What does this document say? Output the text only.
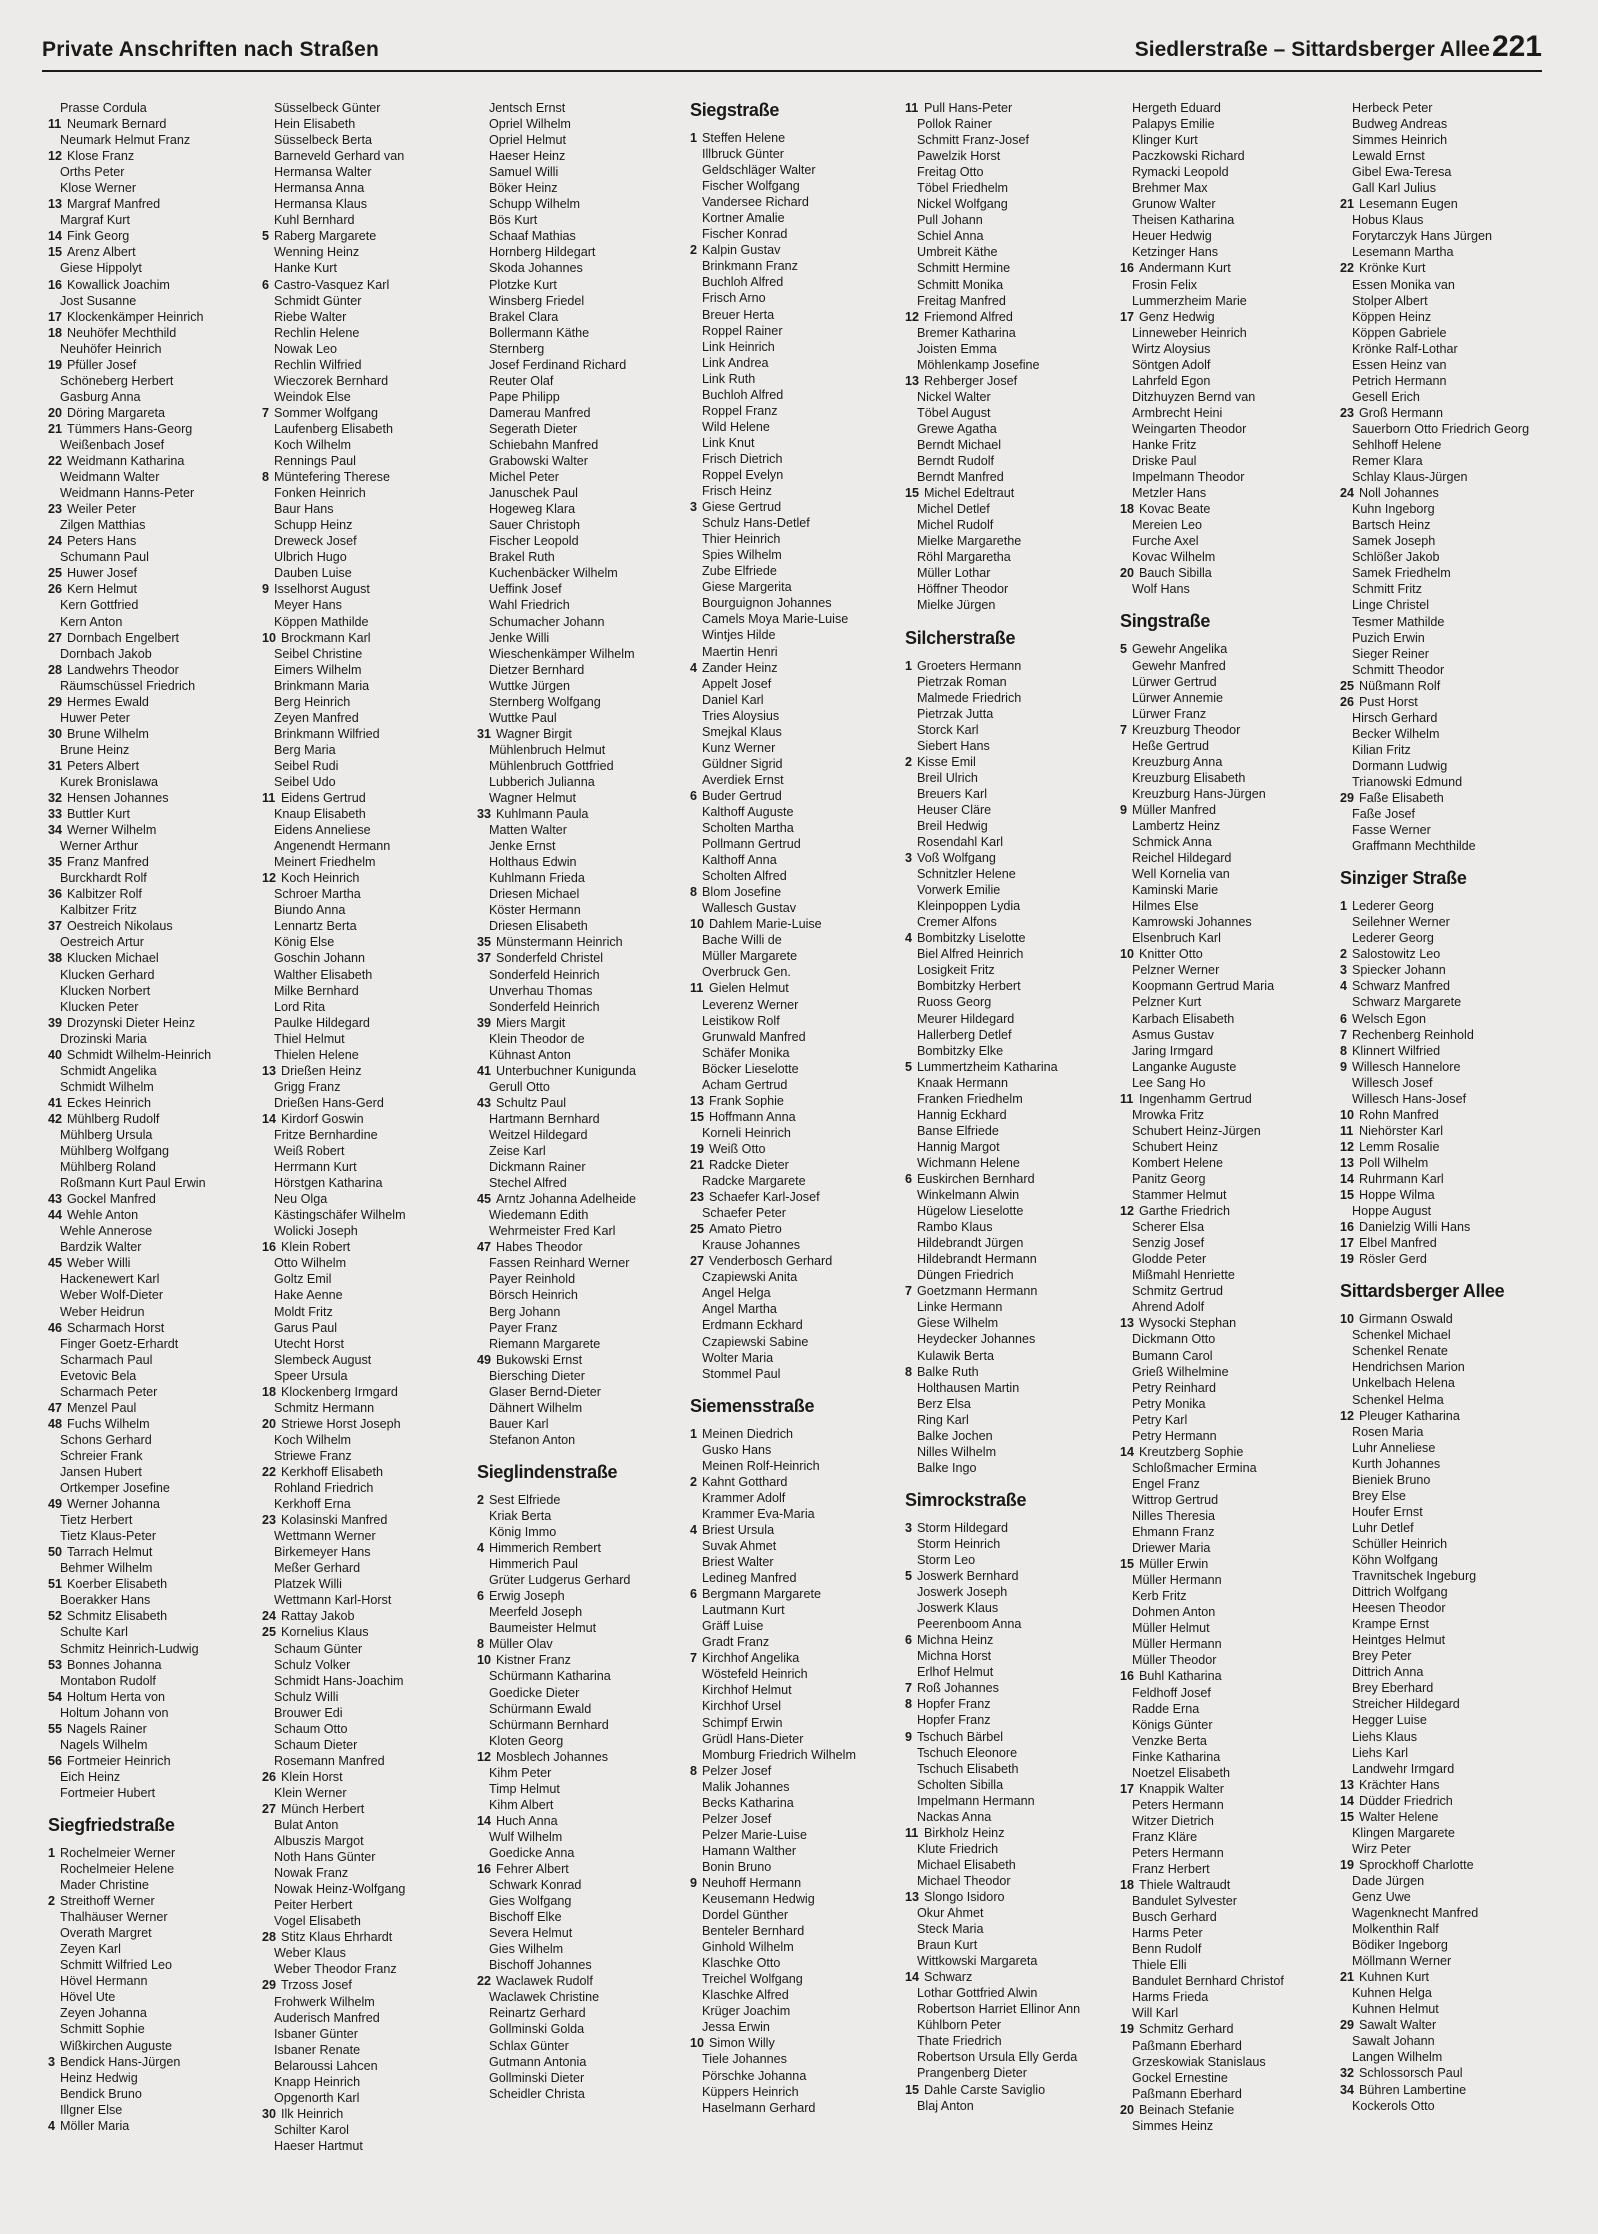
Private Anschriften nach Straßen	Siedlerstraße – Sittardsberger Allee 221
Prasse Cordula
11 Neumark Bernard
Neumark Helmut Franz
12 Klose Franz
Orths Peter
Klose Werner
13 Margraf Manfred
Margraf Kurt
14 Fink Georg
15 Arenz Albert
Giese Hippolyt
16 Kowallick Joachim
Jost Susanne
17 Klockenkämper Heinrich
18 Neuhöfer Mechthild
Neuhöfer Heinrich
19 Pfüller Josef
Schöneberg Herbert
Gasburg Anna
20 Döring Margareta
21 Tümmers Hans-Georg
Weißenbach Josef
22 Weidmann Katharina
Weidmann Walter
Weidmann Hanns-Peter
23 Weiler Peter
Zilgen Matthias
24 Peters Hans
Schumann Paul
25 Huwer Josef
26 Kern Helmut
Kern Gottfried
Kern Anton
27 Dornbach Engelbert
Dornbach Jakob
28 Landwehrs Theodor
Räumschüssel Friedrich
29 Hermes Ewald
Huwer Peter
30 Brune Wilhelm
Brune Heinz
31 Peters Albert
Kurek Bronislawa
32 Hensen Johannes
33 Buttler Kurt
34 Werner Wilhelm
Werner Arthur
35 Franz Manfred
Burckhardt Rolf
36 Kalbitzer Rolf
Kalbitzer Fritz
37 Oestreich Nikolaus
Oestreich Artur
38 Klucken Michael
Klucken Gerhard
Klucken Norbert
Klucken Peter
39 Drozynski Dieter Heinz
Drozinski Maria
40 Schmidt Wilhelm-Heinrich
Schmidt Angelika
Schmidt Wilhelm
41 Eckes Heinrich
42 Mühlberg Rudolf
Mühlberg Ursula
Mühlberg Wolfgang
Mühlberg Roland
Roßmann Kurt Paul Erwin
43 Gockel Manfred
44 Wehle Anton
Wehle Annerose
Bardzik Walter
45 Weber Willi
Hackenewert Karl
Weber Wolf-Dieter
Weber Heidrun
46 Scharmach Horst
Finger Goetz-Erhardt
Scharmach Paul
Evetovic Bela
Scharmach Peter
47 Menzel Paul
48 Fuchs Wilhelm
Schons Gerhard
Schreier Frank
Jansen Hubert
Ortkemper Josefine
49 Werner Johanna
Tietz Herbert
Tietz Klaus-Peter
50 Tarrach Helmut
Behmer Wilhelm
51 Koerber Elisabeth
Boerakker Hans
52 Schmitz Elisabeth
Schulte Karl
Schmitz Heinrich-Ludwig
53 Bonnes Johanna
Montabon Rudolf
54 Holtum Herta von
Holtum Johann von
55 Nagels Rainer
Nagels Wilhelm
56 Fortmeier Heinrich
Eich Heinz
Fortmeier Hubert
Siegfriedstraße
1 Rochelmeier Werner
Rochelmeier Helene
Mader Christine
2 Streithoff Werner
Thalhäuser Werner
Overath Margret
Zeyen Karl
Schmitt Wilfried Leo
Hövel Hermann
Hövel Ute
Zeyen Johanna
Schmitt Sophie
Wißkirchen Auguste
3 Bendick Hans-Jürgen
Heinz Hedwig
Bendick Bruno
Illgner Else
4 Möller Maria
Süsselbeck Günter
Hein Elisabeth
Süsselbeck Berta
Barneveld Gerhard van
Hermansa Walter
Hermansa Anna
Hermansa Klaus
Kuhl Bernhard
5 Raberg Margarete
Wenning Heinz
Hanke Kurt
6 Castro-Vasquez Karl
Schmidt Günter
Riebe Walter
Rechlin Helene
Nowak Leo
Rechlin Wilfried
Wieczorek Bernhard
Weindok Else
7 Sommer Wolfgang
Laufenberg Elisabeth
Koch Wilhelm
Rennings Paul
8 Müntefering Therese
Fonken Heinrich
Baur Hans
Schupp Heinz
Dreweck Josef
Ulbrich Hugo
Dauben Luise
9 Isselhorst August
Meyer Hans
Köppen Mathilde
10 Brockmann Karl
Seibel Christine
Eimers Wilhelm
Brinkmann Maria
Berg Heinrich
Zeyen Manfred
Brinkmann Wilfried
Berg Maria
Seibel Rudi
Seibel Udo
11 Eidens Gertrud
Knaup Elisabeth
Eidens Anneliese
Angenendt Hermann
Meinert Friedhelm
12 Koch Heinrich
Schroer Martha
Biundo Anna
Lennartz Berta
König Else
Goschin Johann
Walther Elisabeth
Milke Bernhard
Lord Rita
Paulke Hildegard
Thiel Helmut
Thielen Helene
13 Drießen Heinz
Grigg Franz
Drießen Hans-Gerd
14 Kirdorf Goswin
Fritze Bernhardine
Weiß Robert
Herrmann Kurt
Hörstgen Katharina
Neu Olga
Kästingschäfer Wilhelm
Wolicki Joseph
16 Klein Robert
Otto Wilhelm
Goltz Emil
Hake Aenne
Moldt Fritz
Garus Paul
Utecht Horst
Slembeck August
Speer Ursula
18 Klockenberg Irmgard
Schmitz Hermann
20 Striewe Horst Joseph
Koch Wilhelm
Striewe Franz
22 Kerkhoff Elisabeth
Rohland Friedrich
Kerkhoff Erna
23 Kolasinski Manfred
Wettmann Werner
Birkemeyer Hans
Meßer Gerhard
Platzek Willi
Wettmann Karl-Horst
24 Rattay Jakob
25 Kornelius Klaus
Schaum Günter
Schulz Volker
Schmidt Hans-Joachim
Schulz Willi
Brouwer Edi
Schaum Otto
Schaum Dieter
Rosemann Manfred
26 Klein Horst
Klein Werner
27 Münch Herbert
Bulat Anton
Albuszis Margot
Noth Hans Günter
Nowak Franz
Nowak Heinz-Wolfgang
Peiter Herbert
Vogel Elisabeth
28 Stitz Klaus Ehrhardt
Weber Klaus
Weber Theodor Franz
29 Trzoss Josef
Frohwerk Wilhelm
Auderisch Manfred
Isbaner Günter
Isbaner Renate
Belaroussi Lahcen
Knapp Heinrich
Opgenorth Karl
30 Ilk Heinrich
Schilter Karol
Haeser Hartmut
Jentsch Ernst
Opriel Wilhelm
Opriel Helmut
Haeser Heinz
Samuel Willi
Böker Heinz
Schupp Wilhelm
Bös Kurt
Schaaf Mathias
Hornberg Hildegart
Skoda Johannes
Plotzke Kurt
Winsberg Friedel
Brakel Clara
Bollermann Käthe
Sternberg
Josef Ferdinand Richard
Reuter Olaf
Pape Philipp
Damerau Manfred
Segerath Dieter
Schiebahn Manfred
Grabowski Walter
Michel Peter
Januschek Paul
Hogeweg Klara
Sauer Christoph
Fischer Leopold
Brakel Ruth
Kuchenbäcker Wilhelm
Ueffink Josef
Wahl Friedrich
Schumacher Johann
Jenke Willi
Wieschenkämper Wilhelm
Dietzer Bernhard
Wuttke Jürgen
Sternberg Wolfgang
Wuttke Paul
31 Wagner Birgit
Mühlenbruch Helmut
Mühlenbruch Gottfried
Lubberich Julianna
Wagner Helmut
33 Kuhlmann Paula
Matten Walter
Jenke Ernst
Holthaus Edwin
Kuhlmann Frieda
Driesen Michael
Köster Hermann
Driesen Elisabeth
35 Münstermann Heinrich
37 Sonderfeld Christel
Sonderfeld Heinrich
Unverhau Thomas
Sonderfeld Heinrich
39 Miers Margit
Klein Theodor de
Kühnast Anton
41 Unterbuchner Kunigunda
Gerull Otto
43 Schultz Paul
Hartmann Bernhard
Weitzel Hildegard
Zeise Karl
Dickmann Rainer
Stechel Alfred
45 Arntz Johanna Adelheide
Wiedemann Edith
Wehrmeister Fred Karl
47 Habes Theodor
Fassen Reinhard Werner
Payer Reinhold
Börsch Heinrich
Berg Johann
Payer Franz
Riemann Margarete
49 Bukowski Ernst
Biersching Dieter
Glaser Bernd-Dieter
Dähnert Wilhelm
Bauer Karl
Stefanon Anton
Sieglindenstraße
2 Sest Elfriede
Kriak Berta
König Immo
4 Himmerich Rembert
Himmerich Paul
Grüter Ludgerus Gerhard
6 Erwig Joseph
Meerfeld Joseph
Baumeister Helmut
8 Müller Olav
10 Kistner Franz
Schürmann Katharina
Goedicke Dieter
Schürmann Ewald
Schürmann Bernhard
Kloten Georg
12 Mosblech Johannes
Kihm Peter
Timp Helmut
Kihm Albert
14 Huch Anna
Wulf Wilhelm
Goedicke Anna
16 Fehrer Albert
Schwark Konrad
Gies Wolfgang
Bischoff Elke
Severa Helmut
Gies Wilhelm
Bischoff Johannes
22 Waclawek Rudolf
Waclawek Christine
Reinartz Gerhard
Gollminski Golda
Schlax Günter
Gutmann Antonia
Gollminski Dieter
Scheidler Christa
Siegstraße
1 Steffen Helene
Illbruck Günter
Geldschläger Walter
Fischer Wolfgang
Vandersee Richard
Kortner Amalie
Fischer Konrad
2 Kalpin Gustav
Brinkmann Franz
Buchloh Alfred
Frisch Arno
Breuer Herta
Roppel Rainer
Link Heinrich
Link Andrea
Link Ruth
Buchloh Alfred
Roppel Franz
Wild Helene
Link Knut
Frisch Dietrich
Roppel Evelyn
Frisch Heinz
3 Giese Gertrud
Schulz Hans-Detlef
Thier Heinrich
Spies Wilhelm
Zube Elfriede
Giese Margerita
Bourguignon Johannes
Camels Moya Marie-Luise
Wintjes Hilde
Maertin Henri
4 Zander Heinz
Appelt Josef
Daniel Karl
Tries Aloysius
Smejkal Klaus
Kunz Werner
Güldner Sigrid
Averdiek Ernst
6 Buder Gertrud
Kalthoff Auguste
Scholten Martha
Pollmann Gertrud
Kalthoff Anna
Scholten Alfred
8 Blom Josefine
Wallesch Gustav
10 Dahlem Marie-Luise
Bache Willi de
Müller Margarete
Overbruck Gen.
11 Gielen Helmut
Leverenz Werner
Leistikow Rolf
Grunwald Manfred
Schäfer Monika
Böcker Lieselotte
Acham Gertrud
13 Frank Sophie
15 Hoffmann Anna
Korneli Heinrich
19 Weiß Otto
21 Radcke Dieter
Radcke Margarete
23 Schaefer Karl-Josef
Schaefer Peter
25 Amato Pietro
Krause Johannes
27 Venderbosch Gerhard
Czapiewski Anita
Angel Helga
Angel Martha
Erdmann Eckhard
Czapiewski Sabine
Wolter Maria
Stommel Paul
Siemensstraße
1 Meinen Diedrich
Gusko Hans
Meinen Rolf-Heinrich
2 Kahnt Gotthard
Krammer Adolf
Krammer Eva-Maria
4 Briest Ursula
Suvak Ahmet
Briest Walter
Ledineg Manfred
6 Bergmann Margarete
Lautmann Kurt
Gräff Luise
Gradt Franz
7 Kirchhof Angelika
Wöstefeld Heinrich
Kirchhof Helmut
Kirchhof Ursel
Schimpf Erwin
Grüdl Hans-Dieter
Momburg Friedrich Wilhelm
8 Pelzer Josef
Malik Johannes
Becks Katharina
Pelzer Josef
Pelzer Marie-Luise
Hamann Walther
Bonin Bruno
9 Neuhoff Hermann
Keusemann Hedwig
Dordel Günther
Benteler Bernhard
Ginhold Wilhelm
Klaschke Otto
Treichel Wolfgang
Klaschke Alfred
Krüger Joachim
Jessa Erwin
10 Simon Willy
Tiele Johannes
Pörschke Johanna
Küppers Heinrich
Haselmann Gerhard
11 Pull Hans-Peter
Pollok Rainer
Schmitt Franz-Josef
Pawelzik Horst
Freitag Otto
Töbel Friedhelm
Nickel Wolfgang
Pull Johann
Schiel Anna
Umbreit Käthe
Schmitt Hermine
Schmitt Monika
Freitag Manfred
12 Friemond Alfred
Bremer Katharina
Joisten Emma
Möhlenkamp Josefine
13 Rehberger Josef
Nickel Walter
Töbel August
Grewe Agatha
Berndt Michael
Berndt Rudolf
Berndt Manfred
15 Michel Edeltraut
Michel Detlef
Michel Rudolf
Mielke Margarethe
Röhl Margaretha
Müller Lothar
Höffner Theodor
Mielke Jürgen
Silcherstraße
1 Groeters Hermann
Pietrzak Roman
Malmede Friedrich
Pietrzak Jutta
Storck Karl
Siebert Hans
2 Kisse Emil
Breil Ulrich
Breuers Karl
Heuser Cläre
Breil Hedwig
Rosendahl Karl
3 Voß Wolfgang
Schnitzler Helene
Vorwerk Emilie
Kleinpoppen Lydia
Cremer Alfons
4 Bombitzky Liselotte
Biel Alfred Heinrich
Losigkeit Fritz
Bombitzky Herbert
Ruoss Georg
Meurer Hildegard
Hallerberg Detlef
Bombitzky Elke
5 Lummertzheim Katharina
Knaak Hermann
Franken Friedhelm
Hannig Eckhard
Banse Elfriede
Hannig Margot
Wichmann Helene
6 Euskirchen Bernhard
Winkelmann Alwin
Hügelow Lieselotte
Rambo Klaus
Hildebrandt Jürgen
Hildebrandt Hermann
Düngen Friedrich
7 Goetzmann Hermann
Linke Hermann
Giese Wilhelm
Heydecker Johannes
Kulawik Berta
8 Balke Ruth
Holthausen Martin
Berz Elsa
Ring Karl
Balke Jochen
Nilles Wilhelm
Balke Ingo
Simrockstraße
3 Storm Hildegard
Storm Heinrich
Storm Leo
5 Joswerk Bernhard
Joswerk Joseph
Joswerk Klaus
Peerenboom Anna
6 Michna Heinz
Michna Horst
Erlhof Helmut
7 Roß Johannes
8 Hopfer Franz
Hopfer Franz
9 Tschuch Bärbel
Tschuch Eleonore
Tschuch Elisabeth
Scholten Sibilla
Impelmann Hermann
Nackas Anna
11 Birkholz Heinz
Klute Friedrich
Michael Elisabeth
Michael Theodor
13 Slongo Isidoro
Okur Ahmet
Steck Maria
Braun Kurt
Wittkowski Margareta
14 Schwarz
Lothar Gottfried Alwin
Robertson Harriet Ellinor Ann
Kühlborn Peter
Thate Friedrich
Robertson Ursula Elly Gerda
Prangenberg Dieter
15 Dahle Carste Saviglio
Blaj Anton
Hergeth Eduard
Palapys Emilie
Klinger Kurt
Paczkowski Richard
Rymacki Leopold
Brehmer Max
Grunow Walter
Theisen Katharina
Heuer Hedwig
Ketzinger Hans
16 Andermann Kurt
Frosin Felix
Lummerzheim Marie
17 Genz Hedwig
Linneweber Heinrich
Wirtz Aloysius
Söntgen Adolf
Lahrfeld Egon
Ditzhuyzen Bernd van
Armbrecht Heini
Weingarten Theodor
Hanke Fritz
Driske Paul
Impelmann Theodor
Metzler Hans
18 Kovac Beate
Mereien Leo
Furche Axel
Kovac Wilhelm
20 Bauch Sibilla
Wolf Hans
Singstraße
5 Gewehr Angelika
Gewehr Manfred
Lürwer Gertrud
Lürwer Annemie
Lürwer Franz
7 Kreuzburg Theodor
Heße Gertrud
Kreuzburg Anna
Kreuzburg Elisabeth
Kreuzburg Hans-Jürgen
9 Müller Manfred
Lambertz Heinz
Schmick Anna
Reichel Hildegard
Well Kornelia van
Kaminski Marie
Hilmes Else
Kamrowski Johannes
Elsenbruch Karl
10 Knitter Otto
Pelzner Werner
Koopmann Gertrud Maria
Pelzner Kurt
Karbach Elisabeth
Asmus Gustav
Jaring Irmgard
Langanke Auguste
Lee Sang Ho
11 Ingenhamm Gertrud
Mrowka Fritz
Schubert Heinz-Jürgen
Schubert Heinz
Kombert Helene
Panitz Georg
Stammer Helmut
12 Garthe Friedrich
Scherer Elsa
Senzig Josef
Glodde Peter
Mißmahl Henriette
Schmitz Gertrud
Ahrend Adolf
13 Wysocki Stephan
Dickmann Otto
Bumann Carol
Grieß Wilhelmine
Petry Reinhard
Petry Monika
Petry Karl
Petry Hermann
14 Kreutzberg Sophie
Schloßmacher Ermina
Engel Franz
Wittrop Gertrud
Nilles Theresia
Ehmann Franz
Driewer Maria
15 Müller Erwin
Müller Hermann
Kerb Fritz
Dohmen Anton
Müller Helmut
Müller Hermann
Müller Theodor
16 Buhl Katharina
Feldhoff Josef
Radde Erna
Königs Günter
Venzke Berta
Finke Katharina
Noetzel Elisabeth
17 Knappik Walter
Peters Hermann
Witzer Dietrich
Franz Kläre
Peters Hermann
Franz Herbert
18 Thiele Waltraudt
Bandulet Sylvester
Busch Gerhard
Harms Peter
Benn Rudolf
Thiele Elli
Bandulet Bernhard Christof
Harms Frieda
Will Karl
19 Schmitz Gerhard
Paßmann Eberhard
Grzeskowiak Stanislaus
Gockel Ernestine
Paßmann Eberhard
20 Beinach Stefanie
Simmes Heinz
Herbeck Peter
Budweg Andreas
Simmes Heinrich
Lewald Ernst
Gibel Ewa-Teresa
Gall Karl Julius
21 Lesemann Eugen
Hobus Klaus
Forytarczyk Hans Jürgen
Lesemann Martha
22 Krönke Kurt
Essen Monika van
Stolper Albert
Köppen Heinz
Köppen Gabriele
Krönke Ralf-Lothar
Essen Heinz van
Petrich Hermann
Gesell Erich
23 Groß Hermann
Sauerborn Otto Friedrich Georg
Sehlhoff Helene
Remer Klara
Schlay Klaus-Jürgen
24 Noll Johannes
Kuhn Ingeborg
Bartsch Heinz
Samek Joseph
Schlößer Jakob
Samek Friedhelm
Schmitt Fritz
Linge Christel
Tesmer Mathilde
Puzich Erwin
Sieger Reiner
Schmitt Theodor
25 Nüßmann Rolf
26 Pust Horst
Hirsch Gerhard
Becker Wilhelm
Kilian Fritz
Dormann Ludwig
Trianowski Edmund
29 Faße Elisabeth
Faße Josef
Fasse Werner
Graffmann Mechthilde
Sinziger Straße
1 Lederer Georg
Seilehner Werner
Lederer Georg
2 Salostowitz Leo
3 Spiecker Johann
4 Schwarz Manfred
Schwarz Margarete
6 Welsch Egon
7 Rechenberg Reinhold
8 Klinnert Wilfried
9 Willesch Hannelore
Willesch Josef
Willesch Hans-Josef
10 Rohn Manfred
11 Niehörster Karl
12 Lemm Rosalie
13 Poll Wilhelm
14 Ruhrmann Karl
15 Hoppe Wilma
Hoppe August
16 Danielzig Willi Hans
17 Elbel Manfred
19 Rösler Gerd
Sittardsberger Allee
10 Girmann Oswald
Schenkel Michael
Schenkel Renate
Hendrichsen Marion
Unkelbach Helena
Schenkel Helma
12 Pleuger Katharina
Rosen Maria
Luhr Anneliese
Kurth Johannes
Bieniek Bruno
Brey Else
Houfer Ernst
Luhr Detlef
Schüller Heinrich
Köhn Wolfgang
Travnitschek Ingeburg
Dittrich Wolfgang
Heesen Theodor
Krampe Ernst
Heintges Helmut
Brey Peter
Dittrich Anna
Brey Eberhard
Streicher Hildegard
Hegger Luise
Liehs Klaus
Liehs Karl
Landwehr Irmgard
13 Krächter Hans
14 Düdder Friedrich
15 Walter Helene
Klingen Margarete
Wirz Peter
19 Sprockhoff Charlotte
Dade Jürgen
Genz Uwe
Wagenknecht Manfred
Molkenthin Ralf
Bödiker Ingeborg
Möllmann Werner
21 Kuhnen Kurt
Kuhnen Helga
Kuhnen Helmut
29 Sawalt Walter
Sawalt Johann
Langen Wilhelm
32 Schlossorsch Paul
34 Bühren Lambertine
Kockerols Otto
